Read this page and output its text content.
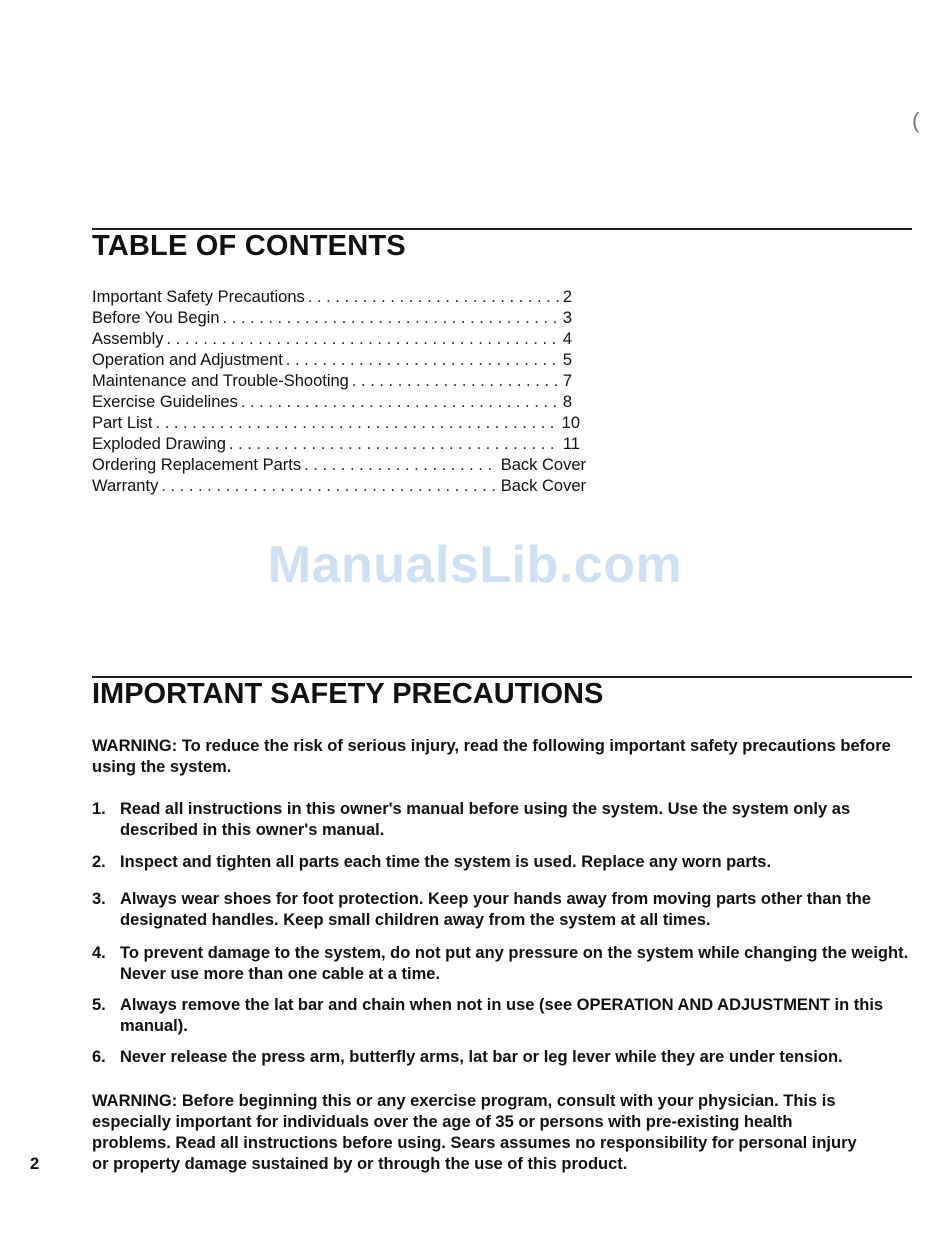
(
TABLE OF CONTENTS
Important Safety Precautions . . .	2
Before You Begin . . .	3
Assembly . . .	4
Operation and Adjustment . . .	5
Maintenance and Trouble-Shooting . . .	7
Exercise Guidelines . . .	8
Part List . . .	10
Exploded Drawing . . .	11
Ordering Replacement Parts . . .	Back Cover
Warranty . . .	Back Cover
ManualsLib.com
IMPORTANT SAFETY PRECAUTIONS

WARNING: To reduce the risk of serious injury, read the following important safety precautions before using the system.

1. Read all instructions in this owner's manual before using the system. Use the system only as described in this owner's manual.
2. Inspect and tighten all parts each time the system is used. Replace any worn parts.
3. Always wear shoes for foot protection. Keep your hands away from moving parts other than the designated handles. Keep small children away from the system at all times.
4. To prevent damage to the system, do not put any pressure on the system while changing the weight. Never use more than one cable at a time.
5. Always remove the lat bar and chain when not in use (see OPERATION AND ADJUSTMENT in this manual).
6. Never release the press arm, butterfly arms, lat bar or leg lever while they are under tension.

WARNING: Before beginning this or any exercise program, consult with your physician. This is especially important for individuals over the age of 35 or persons with pre-existing health problems. Read all instructions before using. Sears assumes no responsibility for personal injury or property damage sustained by or through the use of this product.

2
